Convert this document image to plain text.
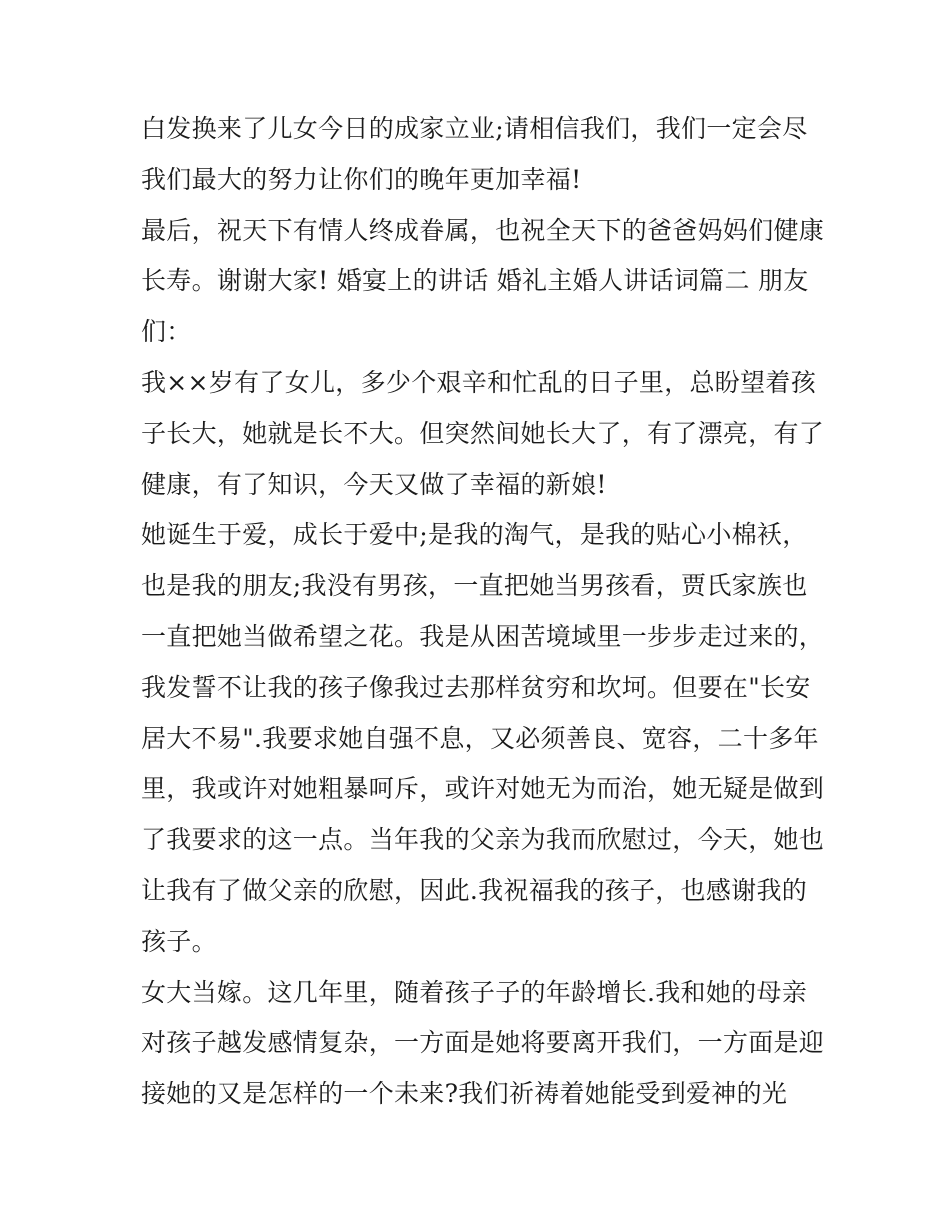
白发换来了儿女今日的成家立业;请相信我们，我们一定会尽
我们最大的努力让你们的晚年更加幸福!
最后，祝天下有情人终成眷属，也祝全天下的爸爸妈妈们健康
长寿。谢谢大家! 婚宴上的讲话 婚礼主婚人讲话词篇二 朋友
们：
我××岁有了女儿，多少个艰辛和忙乱的日子里，总盼望着孩
子长大，她就是长不大。但突然间她长大了，有了漂亮，有了
健康，有了知识，今天又做了幸福的新娘!
她诞生于爱，成长于爱中;是我的淘气，是我的贴心小棉袄，
也是我的朋友;我没有男孩，一直把她当男孩看，贾氏家族也
一直把她当做希望之花。我是从困苦境域里一步步走过来的，
我发誓不让我的孩子像我过去那样贫穷和坎坷。但要在"长安
居大不易".我要求她自强不息，又必须善良、宽容，二十多年
里，我或许对她粗暴呵斥，或许对她无为而治，她无疑是做到
了我要求的这一点。当年我的父亲为我而欣慰过，今天，她也
让我有了做父亲的欣慰，因此.我祝福我的孩子，也感谢我的
孩子。
女大当嫁。这几年里，随着孩子子的年龄增长.我和她的母亲
对孩子越发感情复杂，一方面是她将要离开我们，一方面是迎
接她的又是怎样的一个未来?我们祈祷着她能受到爱神的光
